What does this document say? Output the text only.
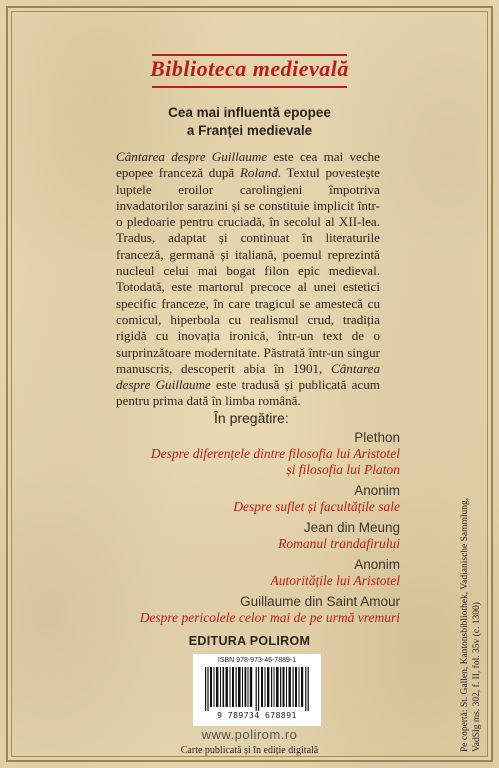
Biblioteca medievală
Cea mai influentă epopee
a Franței medievale
Cântarea despre Guillaume este cea mai veche epopee franceză după Roland. Textul povestește luptele eroilor carolingieni împotriva invadatorilor sarazini și se constituie implicit într-o pledoarie pentru cruciadă, în secolul al XII-lea. Tradus, adaptat și continuat în literaturile franceză, germană și italiană, poemul reprezintă nucleul celui mai bogat filon epic medieval. Totodată, este martorul precoce al unei estetici specific franceze, în care tragicul se amestecă cu comicul, hiperbola cu realismul crud, tradiția rigidă cu inovația ironică, într-un text de o surprinzătoare modernitate. Păstrată într-un singur manuscris, descoperit abia în 1901, Cântarea despre Guillaume este tradusă și publicată acum pentru prima dată în limba română.
În pregătire:
Plethon
Despre diferențele dintre filosofia lui Aristotel
și filosofia lui Platon
Anonim
Despre suflet și facultățile sale
Jean din Meung
Romanul trandafirului
Anonim
Autoritățile lui Aristotel
Guillaume din Saint Amour
Despre pericolele celor mai de pe urmă vremuri
EDITURA POLIROM
ISBN 978-973-46-7889-1
9 789734 678891
www.polirom.ro
Carte publicată și în ediție digitală	Pe copertă: St. Gallen, Kantonsbibliothek, Vadianische Sammlung, VadSlg ms. 302, f. II, fol. 35v (c. 1300)
